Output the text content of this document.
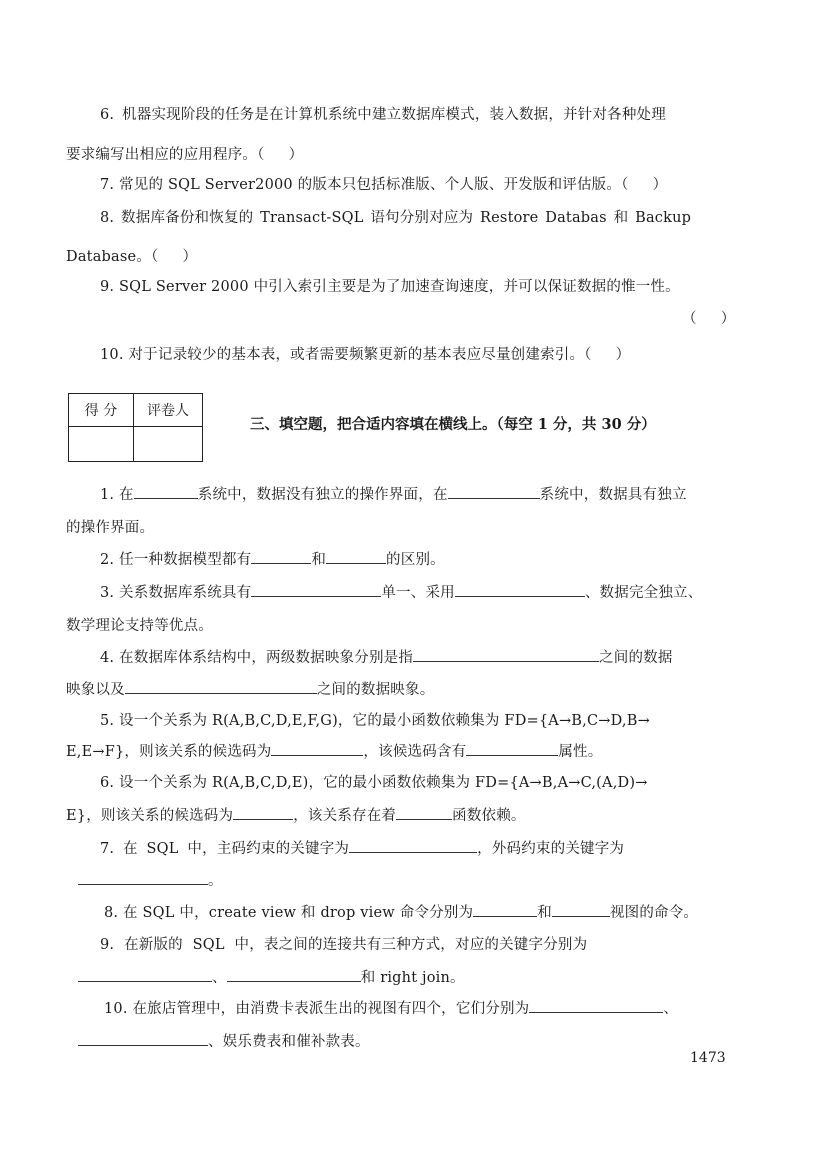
6. 机器实现阶段的任务是在计算机系统中建立数据库模式，装入数据，并针对各种处理
要求编写出相应的应用程序。（     ）
7. 常见的 SQL Server2000 的版本只包括标准版、个人版、开发版和评估版。（     ）
8. 数据库备份和恢复的 Transact-SQL 语句分别对应为 Restore Databas 和 Backup
Database。（     ）
9. SQL Server 2000 中引入索引主要是为了加速查询速度，并可以保证数据的惟一性。
（     ）
10. 对于记录较少的基本表，或者需要频繁更新的基本表应尽量创建索引。（     ）
得 分	评卷人

三、填空题，把合适内容填在横线上。（每空 1 分，共 30 分）
1. 在	系统中，数据没有独立的操作界面，在	系统中，数据具有独立
的操作界面。
2. 任一种数据模型都有	和	的区别。
3. 关系数据库系统具有	单一、采用	、数据完全独立、
数学理论支持等优点。
4. 在数据库体系结构中，两级数据映象分别是指	之间的数据
映象以及	之间的数据映象。
5. 设一个关系为 R(A,B,C,D,E,F,G)，它的最小函数依赖集为 FD={A→B,C→D,B→
E,E→F}，则该关系的候选码为	，该候选码含有	属性。
6. 设一个关系为 R(A,B,C,D,E)，它的最小函数依赖集为 FD={A→B,A→C,(A,D)→
E}，则该关系的候选码为	，该关系存在着	函数依赖。
7. 在 SQL 中，主码约束的关键字为	，外码约束的关键字为
。
8. 在 SQL 中，create view 和 drop view 命令分别为	和	视图的命令。
9. 在新版的 SQL 中，表之间的连接共有三种方式，对应的关键字分别为
、	和 right join。
10. 在旅店管理中，由消费卡表派生出的视图有四个，它们分别为	、
、娱乐费表和催补款表。
1473
